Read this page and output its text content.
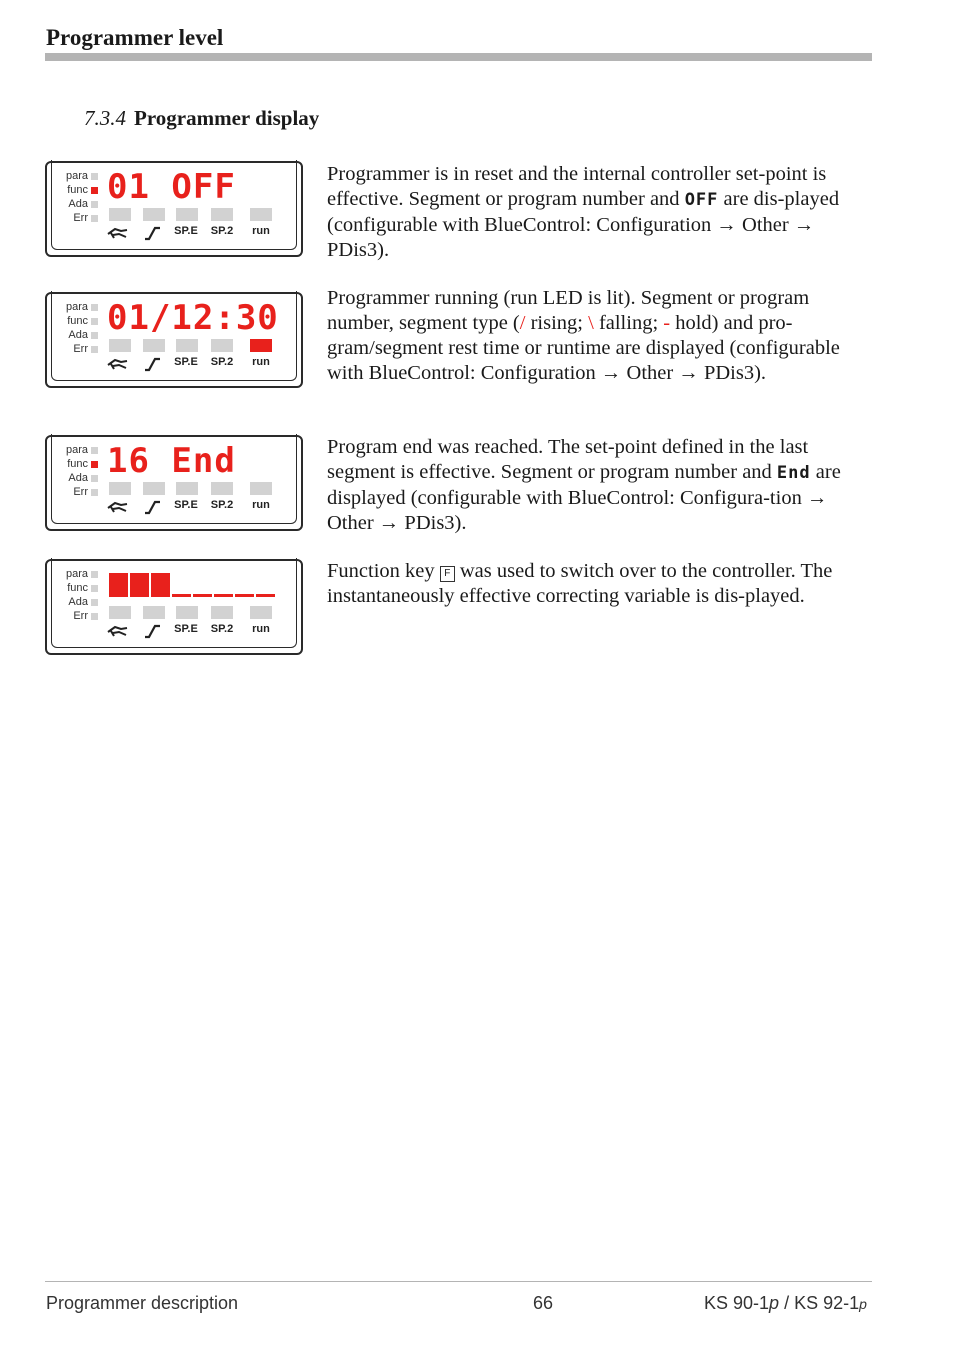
Programmer level
7.3.4 Programmer display
para
func
Ada
Err
01 OFF
SP.E	SP.2	run
para
func
Ada
Err
01/12:30
SP.E	SP.2	run
para
func
Ada
Err
16 End
SP.E	SP.2	run
para
func
Ada
Err
SP.E	SP.2	run
Programmer is in reset and the internal controller set-point is effective. Segment or program number and OFF are dis-played (configurable with BlueControl: Configuration → Other → PDis3).
Programmer running (run LED is lit). Segment or program number, segment type (/ rising; \ falling; - hold) and pro-gram/segment rest time or runtime are displayed (configurable with BlueControl: Configuration → Other → PDis3).
Program end was reached. The set-point defined in the last segment is effective. Segment or program number and End are displayed (configurable with BlueControl: Configura-tion → Other → PDis3).
Function key F was used to switch over to the controller. The instantaneously effective correcting variable is dis-played.
Programmer description	66	KS 90-1p / KS 92-1p
